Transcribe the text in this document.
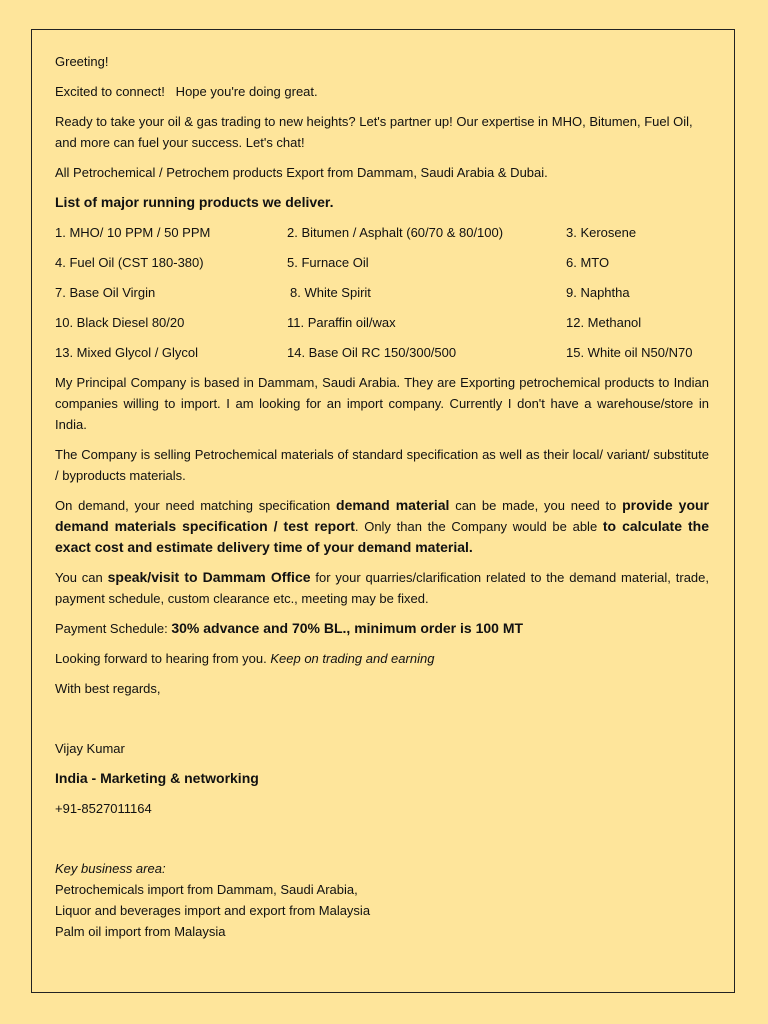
Greeting!

Excited to connect!   Hope you're doing great.

Ready to take your oil & gas trading to new heights? Let's partner up! Our expertise in MHO, Bitumen, Fuel Oil, and more can fuel your success. Let's chat!

All Petrochemical / Petrochem products Export from Dammam, Saudi Arabia & Dubai.

List of major running products we deliver.

1. MHO/ 10 PPM / 50 PPM	2. Bitumen / Asphalt (60/70 & 80/100)	3. Kerosene
4. Fuel Oil (CST 180-380)	5. Furnace Oil	6. MTO
7. Base Oil Virgin	8. White Spirit	9. Naphtha
10. Black Diesel 80/20	11. Paraffin oil/wax	12. Methanol
13. Mixed Glycol / Glycol	14. Base Oil RC 150/300/500	15. White oil N50/N70

My Principal Company is based in Dammam, Saudi Arabia. They are Exporting petrochemical products to Indian companies willing to import. I am looking for an import company. Currently I don't have a warehouse/store in India.

The Company is selling Petrochemical materials of standard specification as well as their local/ variant/ substitute / byproducts materials.

On demand, your need matching specification demand material can be made, you need to provide your demand materials specification / test report. Only than the Company would be able to calculate the exact cost and estimate delivery time of your demand material.

You can speak/visit to Dammam Office for your quarries/clarification related to the demand material, trade, payment schedule, custom clearance etc., meeting may be fixed.

Payment Schedule: 30% advance and 70% BL., minimum order is 100 MT

Looking forward to hearing from you. Keep on trading and earning

With best regards,

Vijay Kumar

India - Marketing & networking

+91-8527011164

Key business area:

Petrochemicals import from Dammam, Saudi Arabia,

Liquor and beverages import and export from Malaysia

Palm oil import from Malaysia
